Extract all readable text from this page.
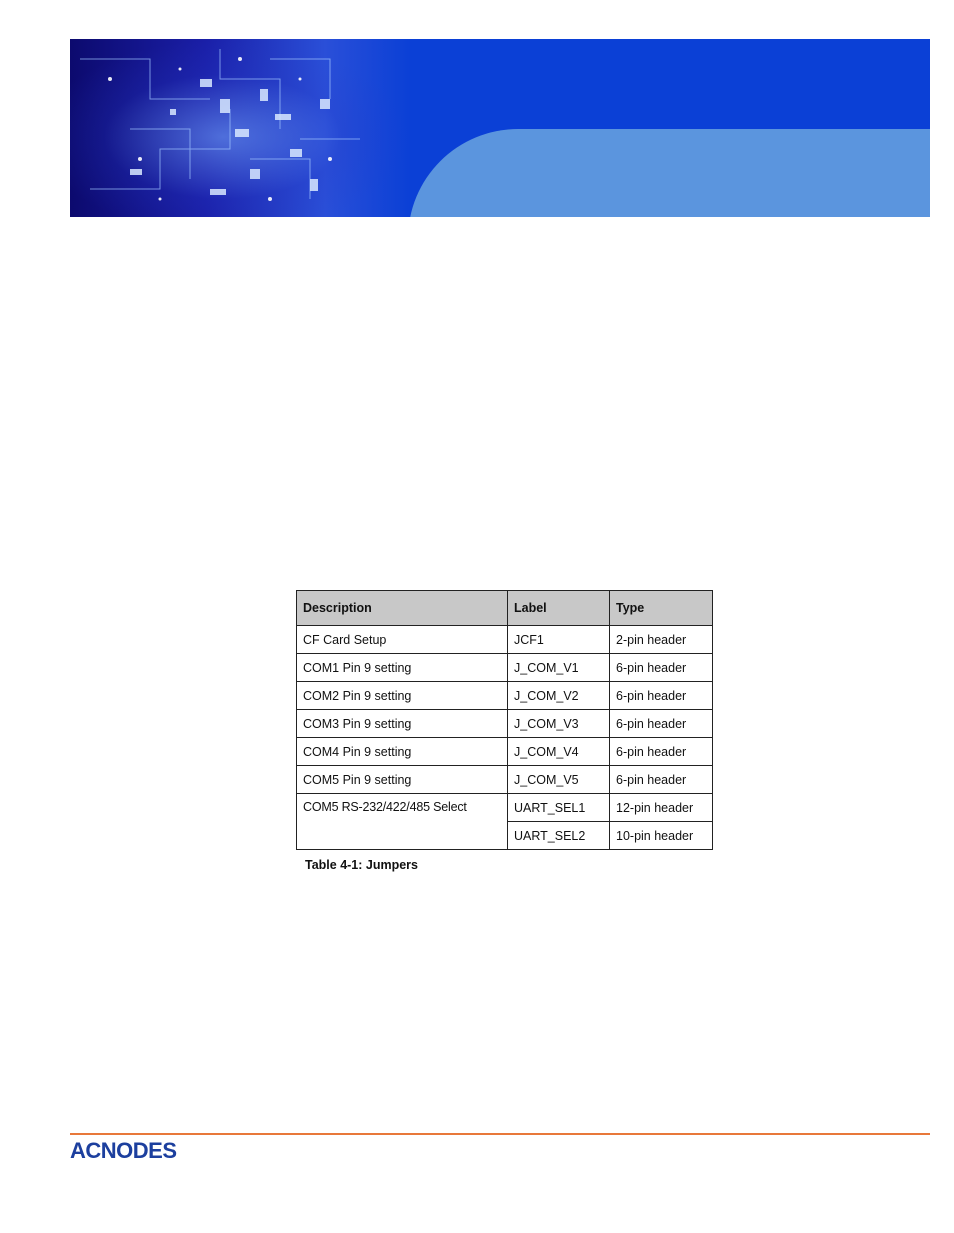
Description	Label	Type
CF Card Setup	JCF1	2-pin header
COM1 Pin 9 setting	J_COM_V1	6-pin header
COM2 Pin 9 setting	J_COM_V2	6-pin header
COM3 Pin 9 setting	J_COM_V3	6-pin header
COM4 Pin 9 setting	J_COM_V4	6-pin header
COM5 Pin 9 setting	J_COM_V5	6-pin header
COM5 RS-232/422/485 Select	UART_SEL1	12-pin header
	UART_SEL2	10-pin header
Table 4-1: Jumpers
ACNODES
